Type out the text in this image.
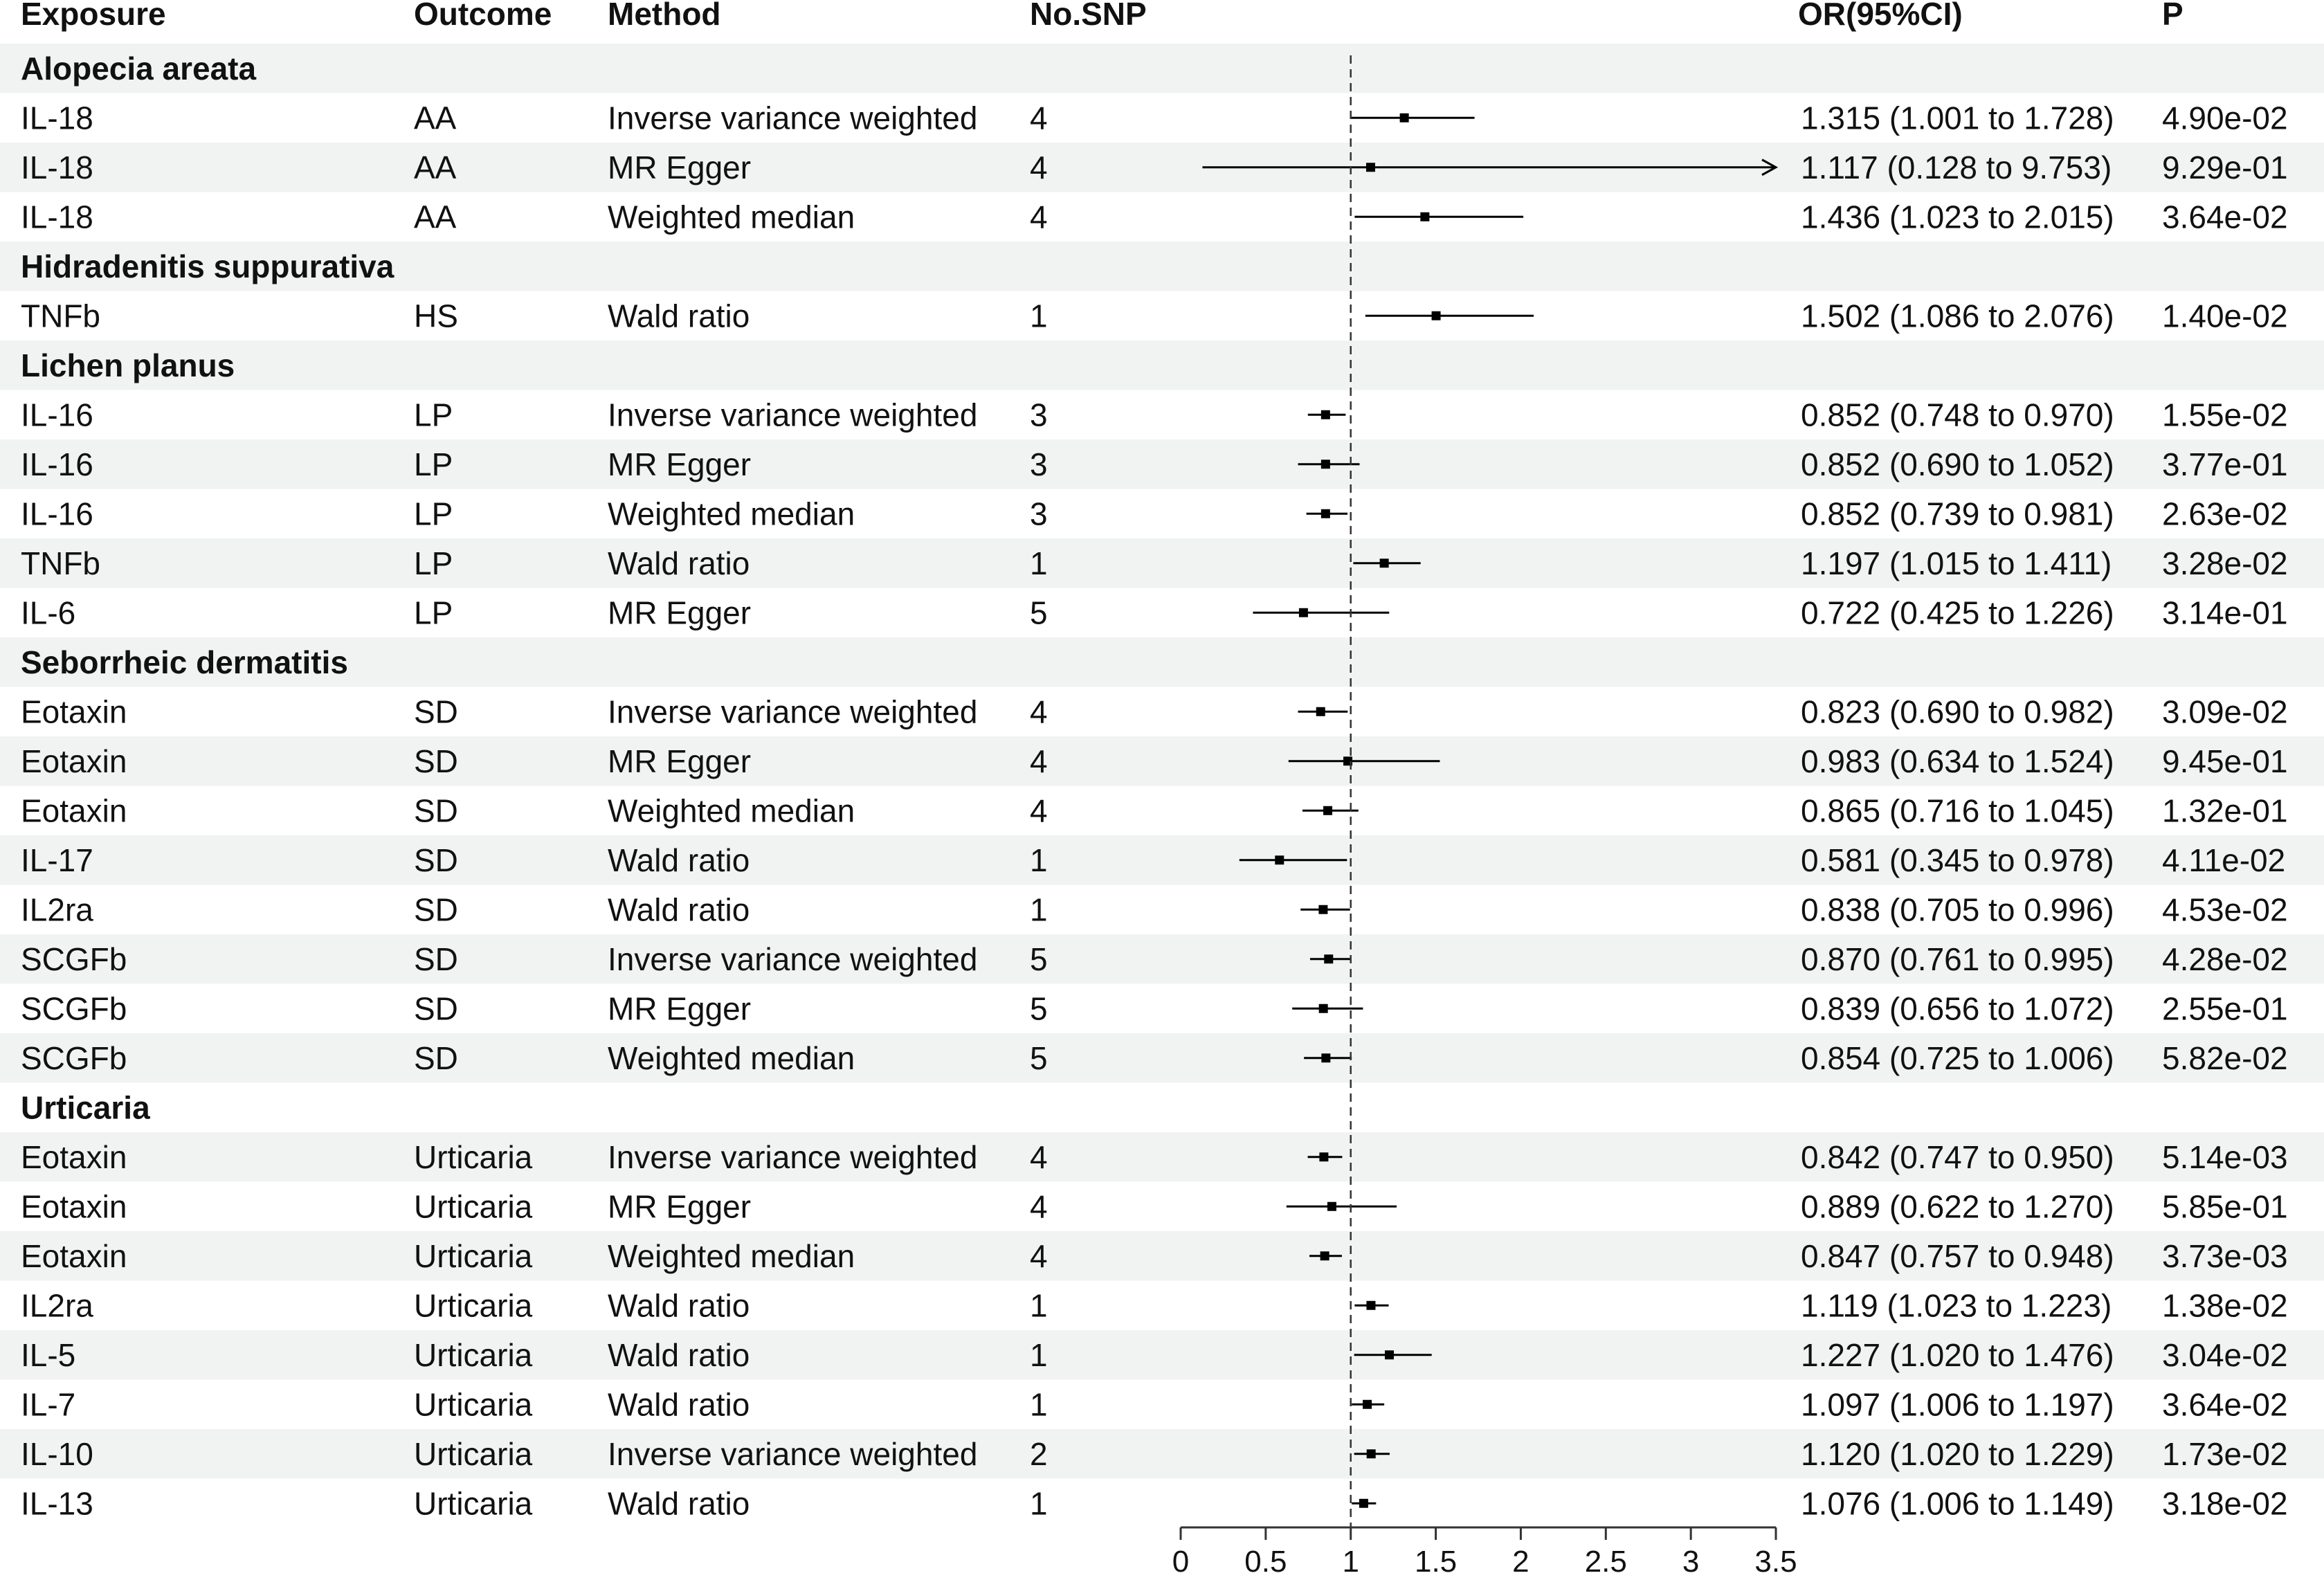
Exposure	Outcome Method	No.SNP	OR(95%CI)	P
Alopecia areata
IL-18	AA	Inverse variance weighted 4	1.315 (1.001 to 1.728) 4.90e-02
IL-18	AA	MR Egger	4	1.117 (0.128 to 9.753) 9.29e-01
IL-18	AA	Weighted median	4	1.436 (1.023 to 2.015) 3.64e-02
Hidradenitis suppurativa
TNFb	HS	Wald ratio	1	1.502 (1.086 to 2.076) 1.40e-02
Lichen planus
IL-16	LP	Inverse variance weighted 3	0.852 (0.748 to 0.970) 1.55e-02
IL-16	LP	MR Egger	3	0.852 (0.690 to 1.052) 3.77e-01
IL-16	LP	Weighted median	3	0.852 (0.739 to 0.981) 2.63e-02
TNFb	LP	Wald ratio	1	1.197 (1.015 to 1.411) 3.28e-02
IL-6	LP	MR Egger	5	0.722 (0.425 to 1.226) 3.14e-01
Seborrheic dermatitis
Eotaxin	SD	Inverse variance weighted 4	0.823 (0.690 to 0.982) 3.09e-02
Eotaxin	SD	MR Egger	4	0.983 (0.634 to 1.524) 9.45e-01
Eotaxin	SD	Weighted median	4	0.865 (0.716 to 1.045) 1.32e-01
IL-17	SD	Wald ratio	1	0.581 (0.345 to 0.978) 4.11e-02
IL2ra	SD	Wald ratio	1	0.838 (0.705 to 0.996) 4.53e-02
SCGFb	SD	Inverse variance weighted 5	0.870 (0.761 to 0.995) 4.28e-02
SCGFb	SD	MR Egger	5	0.839 (0.656 to 1.072) 2.55e-01
SCGFb	SD	Weighted median	5	0.854 (0.725 to 1.006) 5.82e-02
Urticaria
Eotaxin	Urticaria Inverse variance weighted 4	0.842 (0.747 to 0.950) 5.14e-03
Eotaxin	Urticaria MR Egger	4	0.889 (0.622 to 1.270) 5.85e-01
Eotaxin	Urticaria Weighted median	4	0.847 (0.757 to 0.948) 3.73e-03
IL2ra	Urticaria Wald ratio	1	1.119 (1.023 to 1.223) 1.38e-02
IL-5	Urticaria Wald ratio	1	1.227 (1.020 to 1.476) 3.04e-02
IL-7	Urticaria Wald ratio	1	1.097 (1.006 to 1.197) 3.64e-02
IL-10	Urticaria Inverse variance weighted 2	1.120 (1.020 to 1.229) 1.73e-02
IL-13	Urticaria Wald ratio	1	1.076 (1.006 to 1.149) 3.18e-02
0 0.5 1 1.5 2 2.5 3 3.5
